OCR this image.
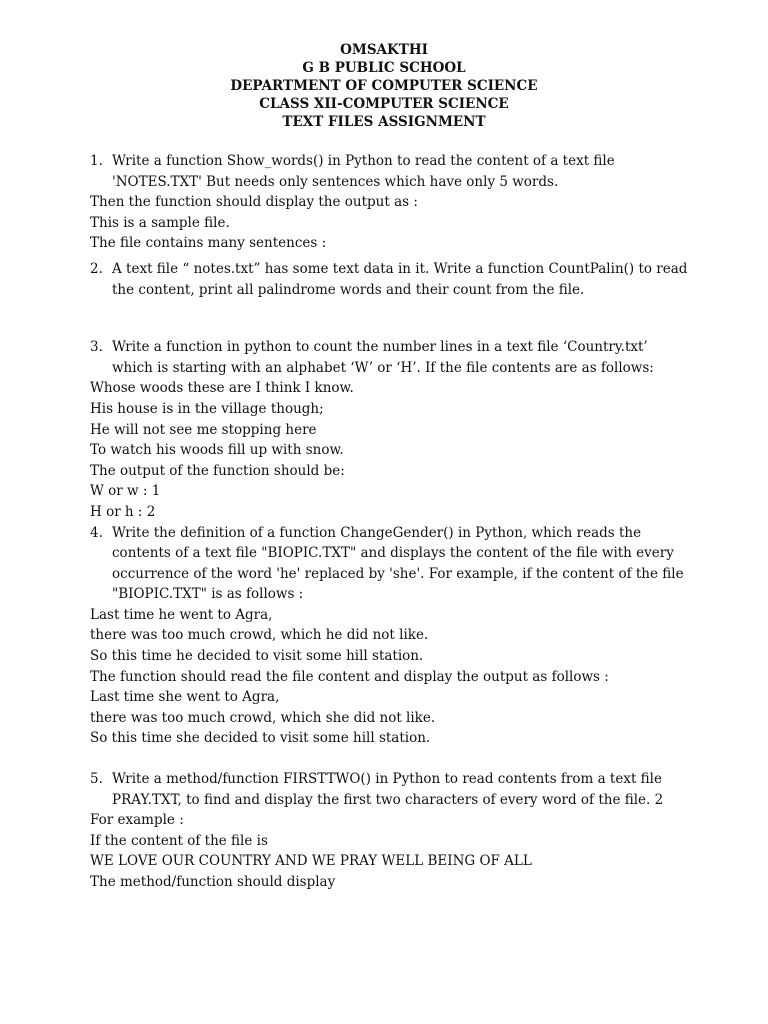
OMSAKTHI
G B PUBLIC SCHOOL
DEPARTMENT OF COMPUTER SCIENCE
CLASS XII-COMPUTER SCIENCE
TEXT FILES ASSIGNMENT
1. Write a function Show_words() in Python to read the content of a text file 'NOTES.TXT' But needs only sentences which have only 5 words.
Then the function should display the output as :
This is a sample file.
The file contains many sentences :
2. A text file “ notes.txt” has some text data in it. Write a function CountPalin() to read the content, print all palindrome words and their count from the file.
3. Write a function in python to count the number lines in a text file ‘Country.txt’ which is starting with an alphabet ‘W’ or ‘H’. If the file contents are as follows:
Whose woods these are I think I know.
His house is in the village though;
He will not see me stopping here
To watch his woods fill up with snow.
The output of the function should be:
W or w : 1
H or h : 2
4. Write the definition of a function ChangeGender() in Python, which reads the contents of a text file "BIOPIC.TXT" and displays the content of the file with every occurrence of the word 'he' replaced by 'she'. For example, if the content of the file "BIOPIC.TXT" is as follows :
Last time he went to Agra,
there was too much crowd, which he did not like.
So this time he decided to visit some hill station.
The function should read the file content and display the output as follows :
Last time she went to Agra,
there was too much crowd, which she did not like.
So this time she decided to visit some hill station.
5. Write a method/function FIRSTTWO() in Python to read contents from a text file PRAY.TXT, to find and display the first two characters of every word of the file. 2
For example :
If the content of the file is
WE LOVE OUR COUNTRY AND WE PRAY WELL BEING OF ALL
The method/function should display
